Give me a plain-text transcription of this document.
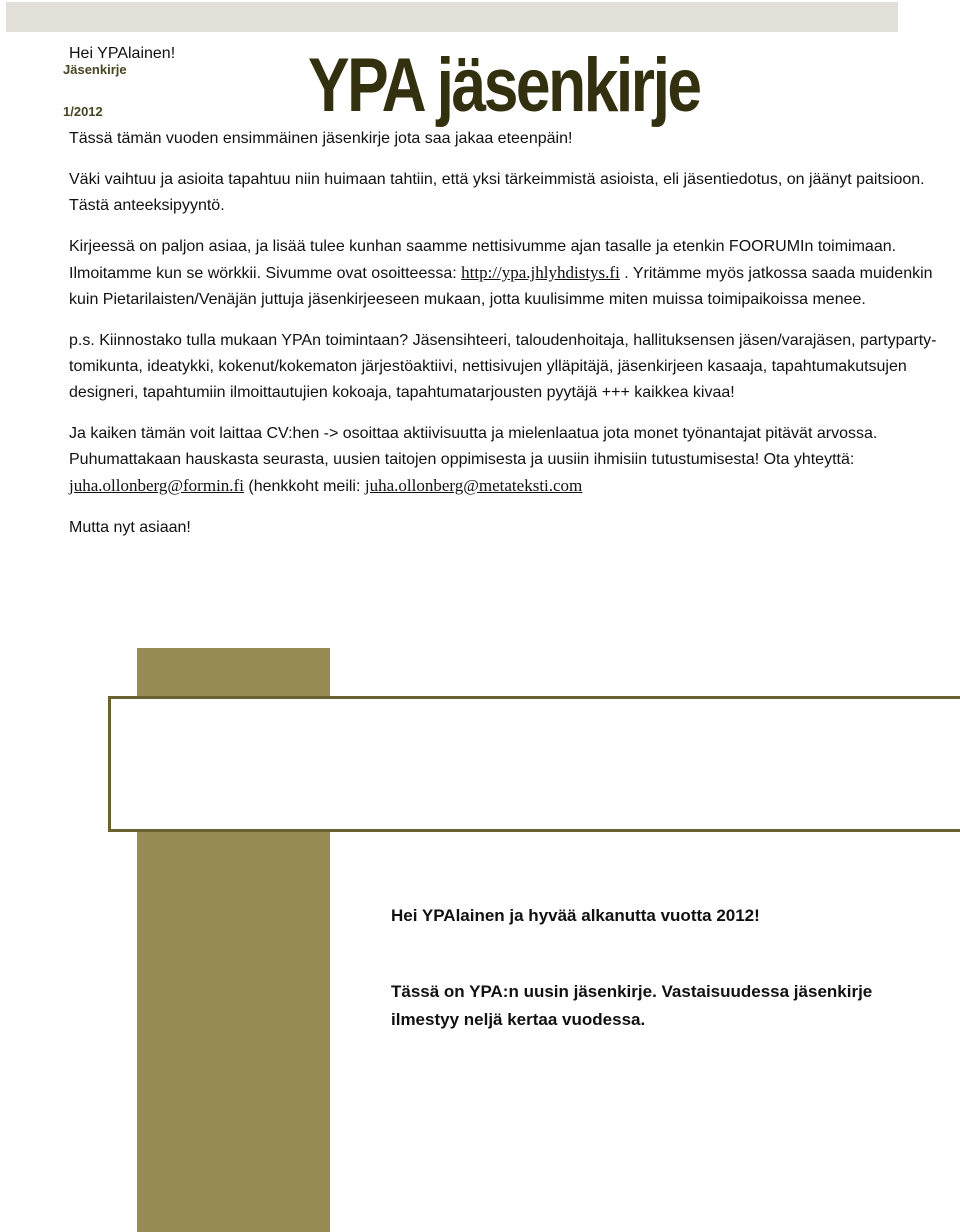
Hei YPAlainen!
Jäsenkirje
1/2012	YPA jäsenkirje

Tässä tämän vuoden ensimmäinen jäsenkirje jota saa jakaa eteenpäin!

Väki vaihtuu ja asioita tapahtuu niin huimaan tahtiin, että yksi tärkeimmistä asioista, eli jäsentiedotus, on jäänyt paitsioon. Tästä anteeksipyyntö.

Kirjeessä on paljon asiaa, ja lisää tulee kunhan saamme nettisivumme ajan tasalle ja etenkin FOORUMIn toimimaan. Ilmoitamme kun se wörkkii. Sivumme ovat osoitteessa: http://ypa.jhlyhdistys.fi . Yritämme myös jatkossa saada muidenkin kuin Pietarilaisten/Venäjän juttuja jäsenkirjeeseen mukaan, jotta kuulisimme miten muissa toimipaikoissa menee.

p.s. Kiinnostako tulla mukaan YPAn toimintaan? Jäsensihteeri, taloudenhoitaja, hallituksensen jäsen/varajäsen, partyparty-tomikunta, ideatykki, kokenut/kokematon järjestöaktiivi, nettisivujen ylläpitäjä, jäsenkirjeen kasaaja, tapahtumakutsujen designeri, tapahtumiin ilmoittautujien kokoaja, tapahtumatarjousten pyytäjä +++ kaikkea kivaa!

Ja kaiken tämän voit laittaa CV:hen -> osoittaa aktiivisuutta ja mielenlaatua jota monet työnantajat pitävät arvossa. Puhumattakaan hauskasta seurasta, uusien taitojen oppimisesta ja uusiin ihmisiin tutustumisesta! Ota yhteyttä: juha.ollonberg@formin.fi (henkkoht meili: juha.ollonberg@metateksti.com

Mutta nyt asiaan!

Hei YPAlainen ja hyvää alkanutta vuotta 2012!

Tässä on YPA:n uusin jäsenkirje. Vastaisuudessa jäsenkirje ilmestyy neljä kertaa vuodessa.
